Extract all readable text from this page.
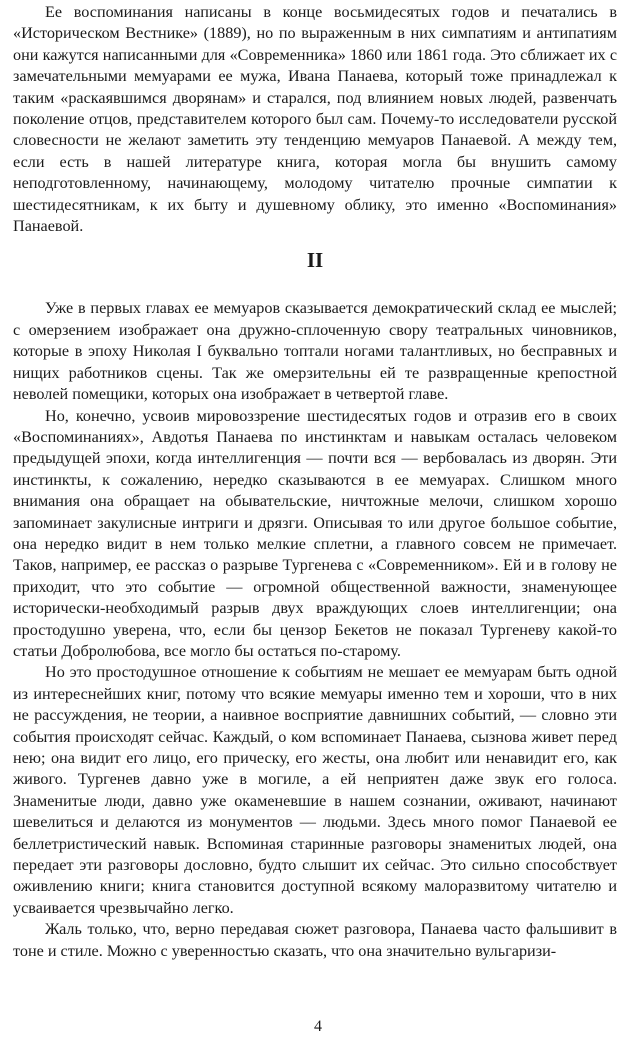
Ее воспоминания написаны в конце восьмидесятых годов и печатались в «Историческом Вестнике» (1889), но по выраженным в них симпатиям и антипатиям они кажутся написанными для «Современника» 1860 или 1861 года. Это сближает их с замечательными мемуарами ее мужа, Ивана Панаева, который тоже принадлежал к таким «раскаявшимся дворянам» и старался, под влиянием новых людей, развенчать поколение отцов, представителем которого был сам. Почему-то исследователи русской словесности не желают заметить эту тенденцию мемуаров Панаевой. А между тем, если есть в нашей литературе книга, которая могла бы внушить самому неподготовленному, начинающему, молодому читателю прочные симпатии к шестидесятникам, к их быту и душевному облику, это именно «Воспоминания» Панаевой.

II

Уже в первых главах ее мемуаров сказывается демократический склад ее мыслей; с омерзением изображает она дружно-сплоченную свору театральных чиновников, которые в эпоху Николая I буквально топтали ногами талантливых, но бесправных и нищих работников сцены. Так же омерзительны ей те развращенные крепостной неволей помещики, которых она изображает в четвертой главе.

Но, конечно, усвоив мировоззрение шестидесятых годов и отразив его в своих «Воспоминаниях», Авдотья Панаева по инстинктам и навыкам осталась человеком предыдущей эпохи, когда интеллигенция — почти вся — вербовалась из дворян. Эти инстинкты, к сожалению, нередко сказываются в ее мемуарах. Слишком много внимания она обращает на обывательские, ничтожные мелочи, слишком хорошо запоминает закулисные интриги и дрязги. Описывая то или другое большое событие, она нередко видит в нем только мелкие сплетни, а главного совсем не примечает. Таков, например, ее рассказ о разрыве Тургенева с «Современником». Ей и в голову не приходит, что это событие — огромной общественной важности, знаменующее исторически-необходимый разрыв двух враждующих слоев интеллигенции; она простодушно уверена, что, если бы цензор Бекетов не показал Тургеневу какой-то статьи Добролюбова, все могло бы остаться по-старому.

Но это простодушное отношение к событиям не мешает ее мемуарам быть одной из интереснейших книг, потому что всякие мемуары именно тем и хороши, что в них не рассуждения, не теории, а наивное восприятие давнишних событий, — словно эти события происходят сейчас. Каждый, о ком вспоминает Панаева, сызнова живет перед нею; она видит его лицо, его прическу, его жесты, она любит или ненавидит его, как живого. Тургенев давно уже в могиле, а ей неприятен даже звук его голоса. Знаменитые люди, давно уже окаменевшие в нашем сознании, оживают, начинают шевелиться и делаются из монументов — людьми. Здесь много помог Панаевой ее беллетристический навык. Вспоминая старинные разговоры знаменитых людей, она передает эти разговоры дословно, будто слышит их сейчас. Это сильно способствует оживлению книги; книга становится доступной всякому малоразвитому читателю и усваивается чрезвычайно легко.

Жаль только, что, верно передавая сюжет разговора, Панаева часто фальшивит в тоне и стиле. Можно с уверенностью сказать, что она значительно вульгаризи-

4
